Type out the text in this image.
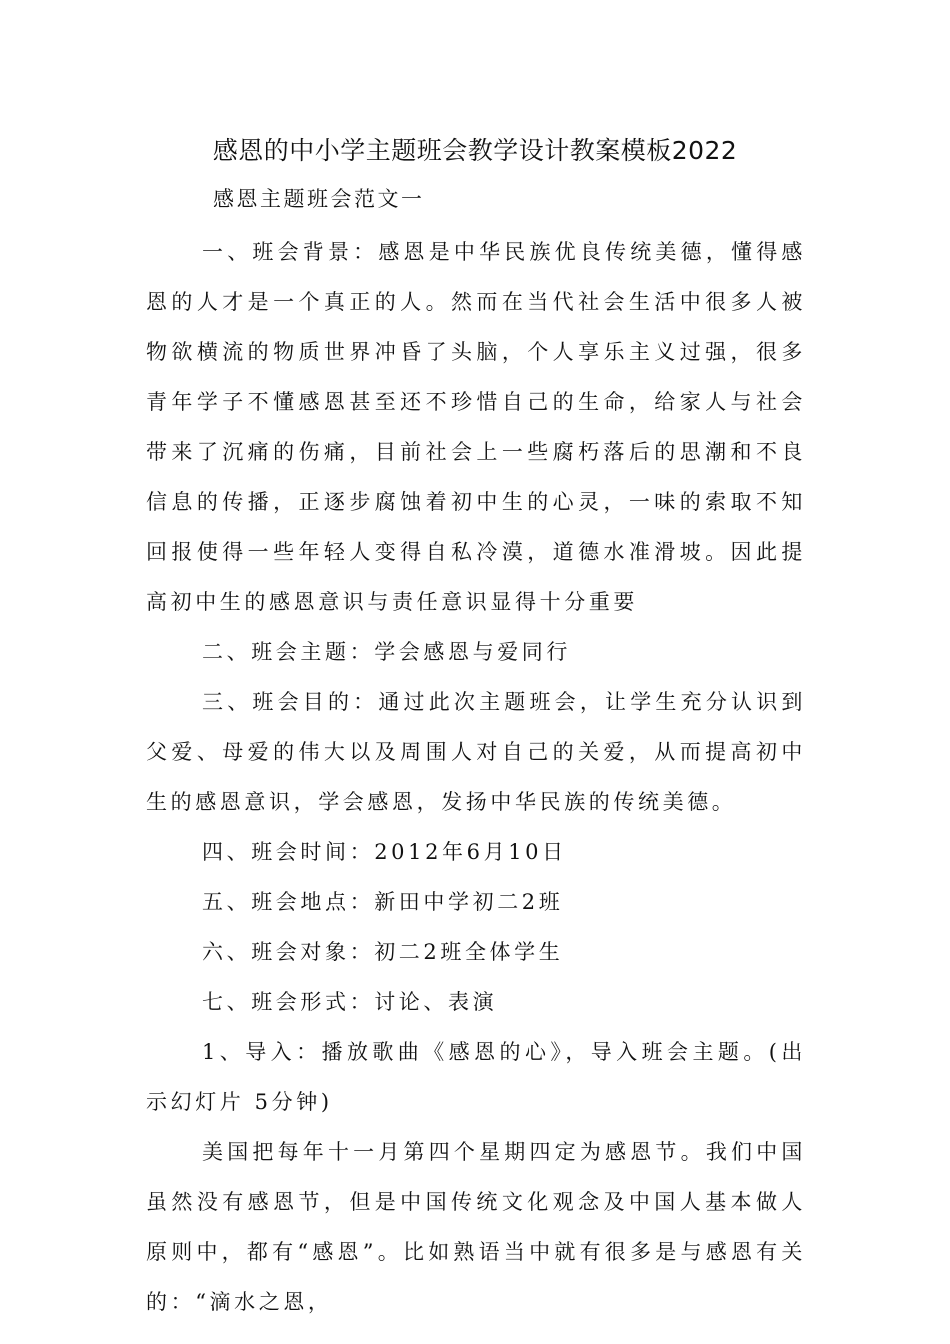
感恩的中小学主题班会教学设计教案模板2022
感恩主题班会范文一

一、班会背景：感恩是中华民族优良传统美德，懂得感恩的人才是一个真正的人。然而在当代社会生活中很多人被物欲横流的物质世界冲昏了头脑，个人享乐主义过强，很多青年学子不懂感恩甚至还不珍惜自己的生命，给家人与社会带来了沉痛的伤痛，目前社会上一些腐朽落后的思潮和不良信息的传播，正逐步腐蚀着初中生的心灵，一味的索取不知回报使得一些年轻人变得自私冷漠，道德水准滑坡。因此提高初中生的感恩意识与责任意识显得十分重要

二、班会主题：学会感恩与爱同行

三、班会目的：通过此次主题班会，让学生充分认识到父爱、母爱的伟大以及周围人对自己的关爱，从而提高初中生的感恩意识，学会感恩，发扬中华民族的传统美德。

四、班会时间：2012年6月10日

五、班会地点：新田中学初二2班

六、班会对象：初二2班全体学生

七、班会形式：讨论、表演

1、导入：播放歌曲《感恩的心》，导入班会主题。(出示幻灯片 5分钟)

美国把每年十一月第四个星期四定为感恩节。我们中国虽然没有感恩节，但是中国传统文化观念及中国人基本做人原则中，都有“感恩”。比如熟语当中就有很多是与感恩有关的：“滴水之恩，
